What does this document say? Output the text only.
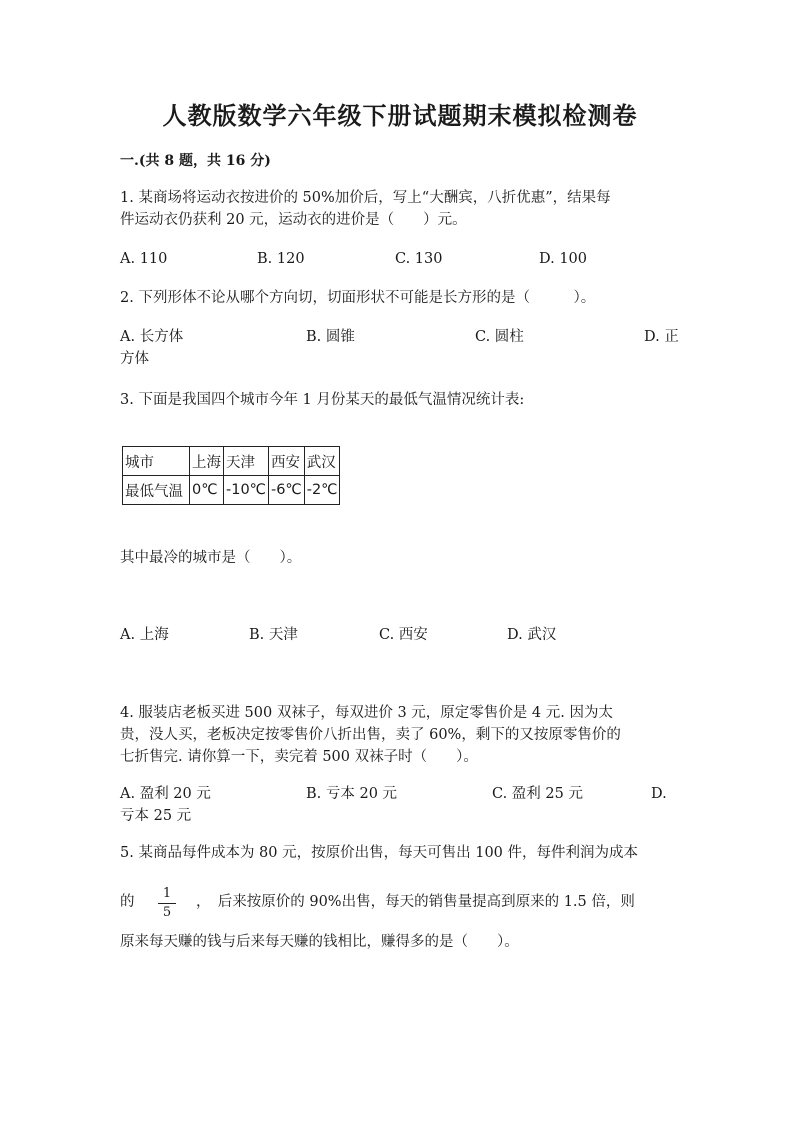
人教版数学六年级下册试题期末模拟检测卷
一.(共 8 题，共 16 分)
1. 某商场将运动衣按进价的 50%加价后，写上“大酬宾，八折优惠”，结果每
件运动衣仍获利 20 元，运动衣的进价是（　　）元。
A. 110	B. 120	C. 130	D. 100
2. 下列形体不论从哪个方向切，切面形状不可能是长方形的是（　　　）。
A. 长方体	B. 圆锥	C. 圆柱	D. 正
方体
3. 下面是我国四个城市今年 1 月份某天的最低气温情况统计表:
城市	上海	天津	西安	武汉
最低气温	0℃	-10℃	-6℃	-2℃
其中最冷的城市是（　　）。
A. 上海	B. 天津	C. 西安	D. 武汉
4. 服装店老板买进 500 双袜子，每双进价 3 元，原定零售价是 4 元. 因为太
贵，没人买，老板决定按零售价八折出售，卖了 60%，剩下的又按原零售价的
七折售完. 请你算一下，卖完着 500 双袜子时（　　）。
A. 盈利 20 元	B. 亏本 20 元	C. 盈利 25 元	D.
亏本 25 元
5. 某商品每件成本为 80 元，按原价出售，每天可售出 100 件，每件利润为成本
的
1
5
，　后来按原价的 90%出售，每天的销售量提高到原来的 1.5 倍，则
原来每天赚的钱与后来每天赚的钱相比，赚得多的是（　　）。
